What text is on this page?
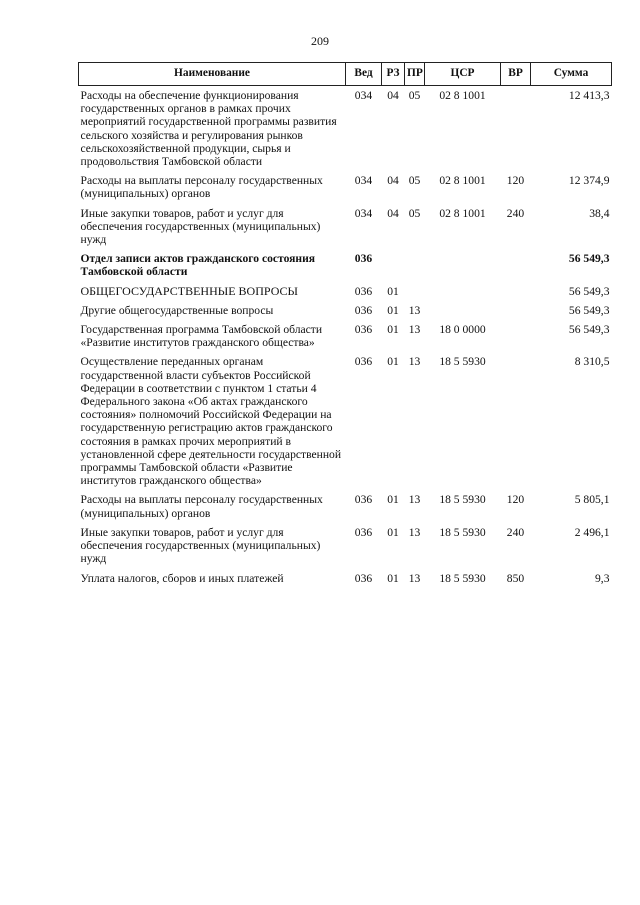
209
Наименование	Вед	РЗ	ПР	ЦСР	ВР	Сумма
Расходы на обеспечение функционирования государственных органов в рамках прочих мероприятий государственной программы развития сельского хозяйства и регулирования рынков сельскохозяйственной продукции, сырья и продовольствия Тамбовской области	034	04	05	02 8 1001		12 413,3
Расходы на выплаты персоналу государственных (муниципальных) органов	034	04	05	02 8 1001	120	12 374,9
Иные закупки товаров, работ и услуг для обеспечения государственных (муниципальных) нужд	034	04	05	02 8 1001	240	38,4
Отдел записи актов гражданского состояния Тамбовской области	036					56 549,3
ОБЩЕГОСУДАРСТВЕННЫЕ ВОПРОСЫ	036	01				56 549,3
Другие общегосударственные вопросы	036	01	13			56 549,3
Государственная программа Тамбовской области «Развитие институтов гражданского общества»	036	01	13	18 0 0000		56 549,3
Осуществление переданных органам государственной власти субъектов Российской Федерации в соответствии с пунктом 1 статьи 4 Федерального закона «Об актах гражданского состояния» полномочий Российской Федерации на государственную регистрацию актов гражданского состояния в рамках прочих мероприятий в установленной сфере деятельности государственной программы Тамбовской области «Развитие институтов гражданского общества»	036	01	13	18 5 5930		8 310,5
Расходы на выплаты персоналу государственных (муниципальных) органов	036	01	13	18 5 5930	120	5 805,1
Иные закупки товаров, работ и услуг для обеспечения государственных (муниципальных) нужд	036	01	13	18 5 5930	240	2 496,1
Уплата налогов, сборов и иных платежей	036	01	13	18 5 5930	850	9,3
